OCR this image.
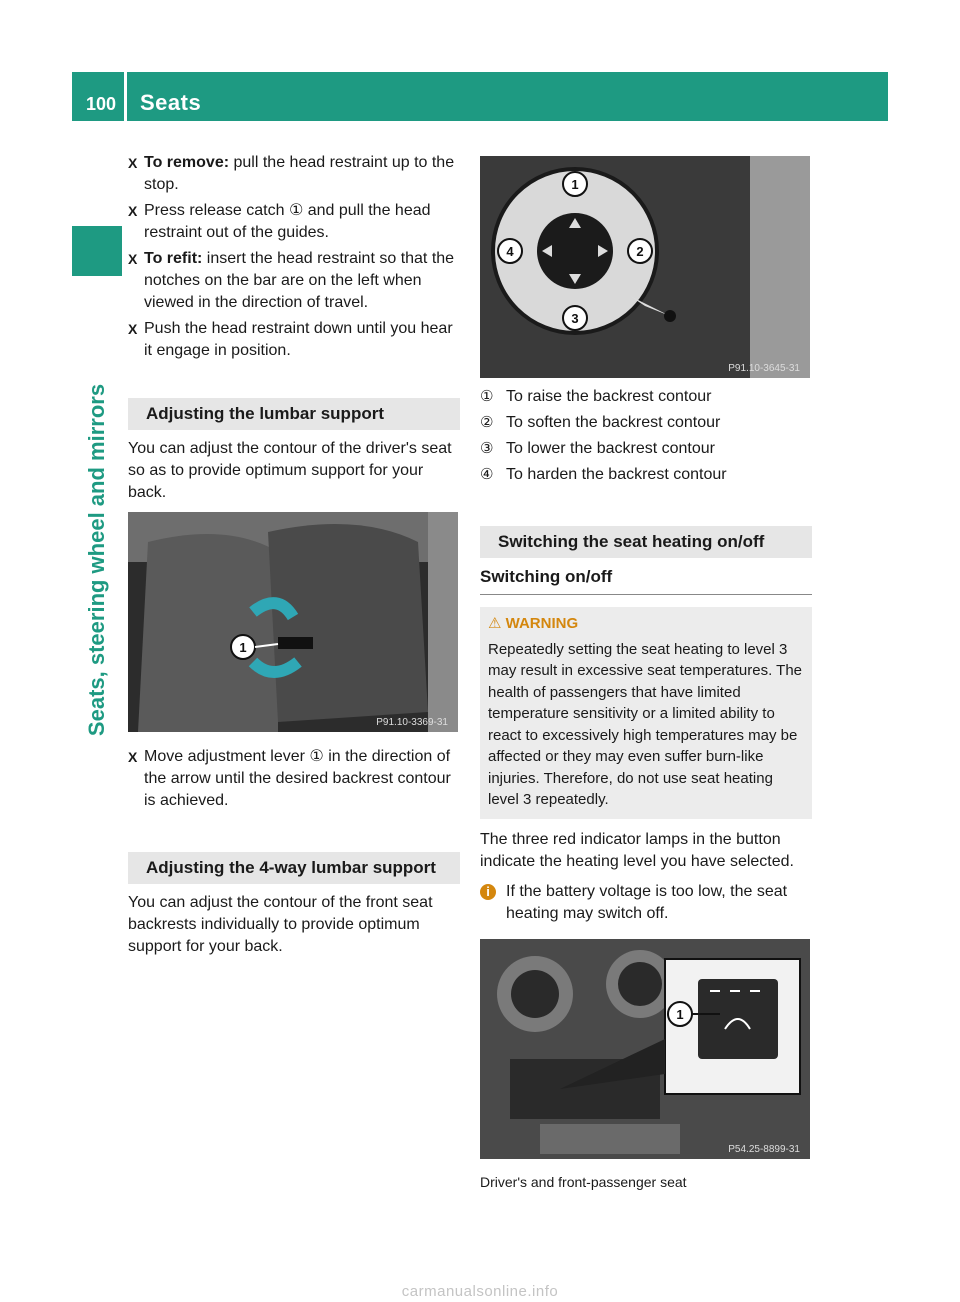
100 Seats
Seats, steering wheel and mirrors
X To remove: pull the head restraint up to the stop.
X Press release catch ① and pull the head restraint out of the guides.
X To refit: insert the head restraint so that the notches on the bar are on the left when viewed in the direction of travel.
X Push the head restraint down until you hear it engage in position.
Adjusting the lumbar support

You can adjust the contour of the driver's seat so as to provide optimum support for your back.

1
P91.10-3369-31
X Move adjustment lever ① in the direction of the arrow until the desired backrest contour is achieved.
Adjusting the 4-way lumbar support

You can adjust the contour of the front seat backrests individually to provide optimum support for your back.

1
2
3
4
P91.10-3645-31
① To raise the backrest contour
② To soften the backrest contour
③ To lower the backrest contour
④ To harden the backrest contour
Switching the seat heating on/off
Switching on/off
⚠ WARNING
Repeatedly setting the seat heating to level 3 may result in excessive seat temperatures. The health of passengers that have limited temperature sensitivity or a limited ability to react to excessively high temperatures may be affected or they may even suffer burn-like injuries. Therefore, do not use seat heating level 3 repeatedly.

The three red indicator lamps in the button indicate the heating level you have selected.

i	If the battery voltage is too low, the seat heating may switch off.
1
P54.25-8899-31
Driver's and front-passenger seat
carmanualsonline.info
